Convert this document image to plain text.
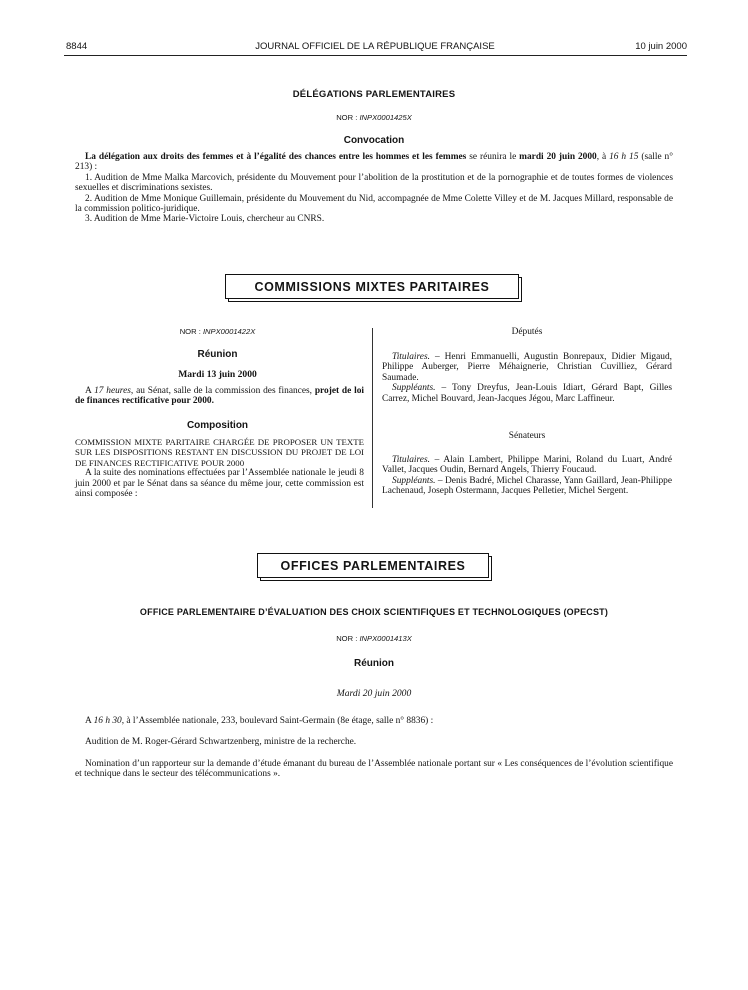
8844	JOURNAL OFFICIEL DE LA RÉPUBLIQUE FRANÇAISE	10 juin 2000
DÉLÉGATIONS PARLEMENTAIRES
NOR : INPX0001425X
Convocation

La délégation aux droits des femmes et à l’égalité des chances entre les hommes et les femmes se réunira le mardi 20 juin 2000, à 16 h 15 (salle n° 213) :

1. Audition de Mme Malka Marcovich, présidente du Mouvement pour l’abolition de la prostitution et de la pornographie et de toutes formes de violences sexuelles et discriminations sexistes.

2. Audition de Mme Monique Guillemain, présidente du Mouvement du Nid, accompagnée de Mme Colette Villey et de M. Jacques Millard, responsable de la commission politico-juridique.

3. Audition de Mme Marie-Victoire Louis, chercheur au CNRS.

COMMISSIONS MIXTES PARITAIRES
NOR : INPX0001422X
Réunion
Mardi 13 juin 2000

A 17 heures, au Sénat, salle de la commission des finances, projet de loi de finances rectificative pour 2000.

Composition

COMMISSION MIXTE PARITAIRE CHARGÉE DE PROPOSER UN TEXTE SUR LES DISPOSITIONS RESTANT EN DISCUSSION DU PROJET DE LOI DE FINANCES RECTIFICATIVE POUR 2000

A la suite des nominations effectuées par l’Assemblée nationale le jeudi 8 juin 2000 et par le Sénat dans sa séance du même jour, cette commission est ainsi composée :

Députés

Titulaires. – Henri Emmanuelli, Augustin Bonrepaux, Didier Migaud, Philippe Auberger, Pierre Méhaignerie, Christian Cuvilliez, Gérard Saumade.

Suppléants. – Tony Dreyfus, Jean-Louis Idiart, Gérard Bapt, Gilles Carrez, Michel Bouvard, Jean-Jacques Jégou, Marc Laffineur.

Sénateurs

Titulaires. – Alain Lambert, Philippe Marini, Roland du Luart, André Vallet, Jacques Oudin, Bernard Angels, Thierry Foucaud.

Suppléants. – Denis Badré, Michel Charasse, Yann Gaillard, Jean-Philippe Lachenaud, Joseph Ostermann, Jacques Pelletier, Michel Sergent.

OFFICES PARLEMENTAIRES
OFFICE PARLEMENTAIRE D’ÉVALUATION DES CHOIX SCIENTIFIQUES ET TECHNOLOGIQUES (OPECST)
NOR : INPX0001413X
Réunion
Mardi 20 juin 2000

A 16 h 30, à l’Assemblée nationale, 233, boulevard Saint-Germain (8e étage, salle n° 8836) :

Audition de M. Roger-Gérard Schwartzenberg, ministre de la recherche.

Nomination d’un rapporteur sur la demande d’étude émanant du bureau de l’Assemblée nationale portant sur « Les conséquences de l’évolution scientifique et technique dans le secteur des télécommunications ».
